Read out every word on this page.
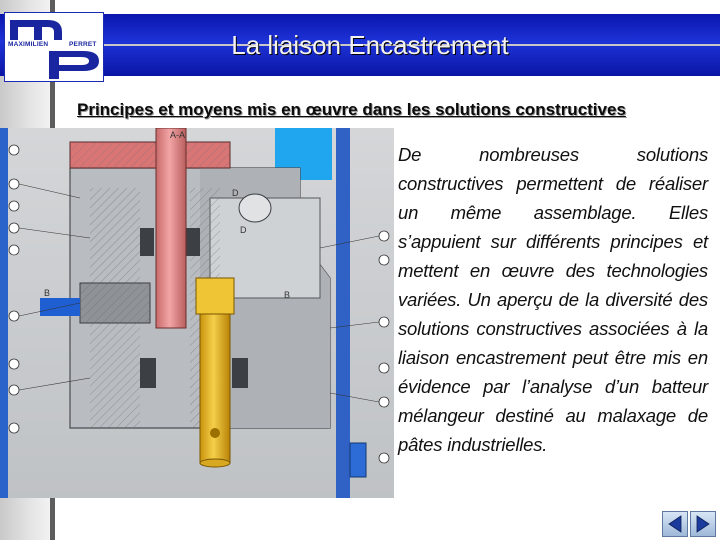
La liaison Encastrement
MAXIMILIEN	PERRET
Principes et moyens mis en œuvre dans les solutions constructives
A-A
D
D
B
B
De nombreuses solutions constructives permettent de réaliser un même assemblage. Elles s’appuient sur différents principes et mettent en œuvre des technologies variées. Un aperçu de la diversité des solutions constructives associées à la liaison encastrement peut être mis en évidence par l’analyse d’un batteur mélangeur destiné au malaxage de pâtes industrielles.
